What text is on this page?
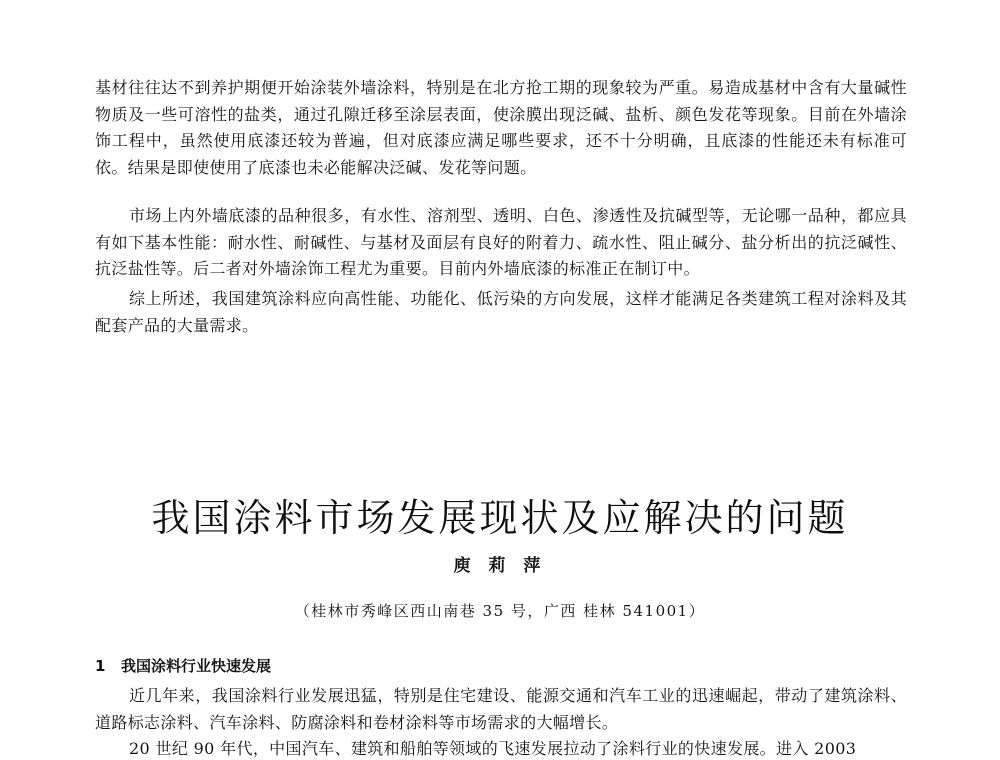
基材往往达不到养护期便开始涂装外墙涂料，特别是在北方抢工期的现象较为严重。易造成基材中含有大量碱性物质及一些可溶性的盐类，通过孔隙迁移至涂层表面，使涂膜出现泛碱、盐析、颜色发花等现象。目前在外墙涂饰工程中，虽然使用底漆还较为普遍，但对底漆应满足哪些要求，还不十分明确，且底漆的性能还未有标准可依。结果是即使使用了底漆也未必能解决泛碱、发花等问题。

市场上内外墙底漆的品种很多，有水性、溶剂型、透明、白色、渗透性及抗碱型等，无论哪一品种，都应具有如下基本性能：耐水性、耐碱性、与基材及面层有良好的附着力、疏水性、阻止碱分、盐分析出的抗泛碱性、抗泛盐性等。后二者对外墙涂饰工程尤为重要。目前内外墙底漆的标准正在制订中。

综上所述，我国建筑涂料应向高性能、功能化、低污染的方向发展，这样才能满足各类建筑工程对涂料及其配套产品的大量需求。

我国涂料市场发展现状及应解决的问题
庾 莉 萍
（桂林市秀峰区西山南巷 35 号，广西 桂林 541001）
1 我国涂料行业快速发展

近几年来，我国涂料行业发展迅猛，特别是住宅建设、能源交通和汽车工业的迅速崛起，带动了建筑涂料、道路标志涂料、汽车涂料、防腐涂料和卷材涂料等市场需求的大幅增长。

20 世纪 90 年代，中国汽车、建筑和船舶等领域的飞速发展拉动了涂料行业的快速发展。进入 2003
